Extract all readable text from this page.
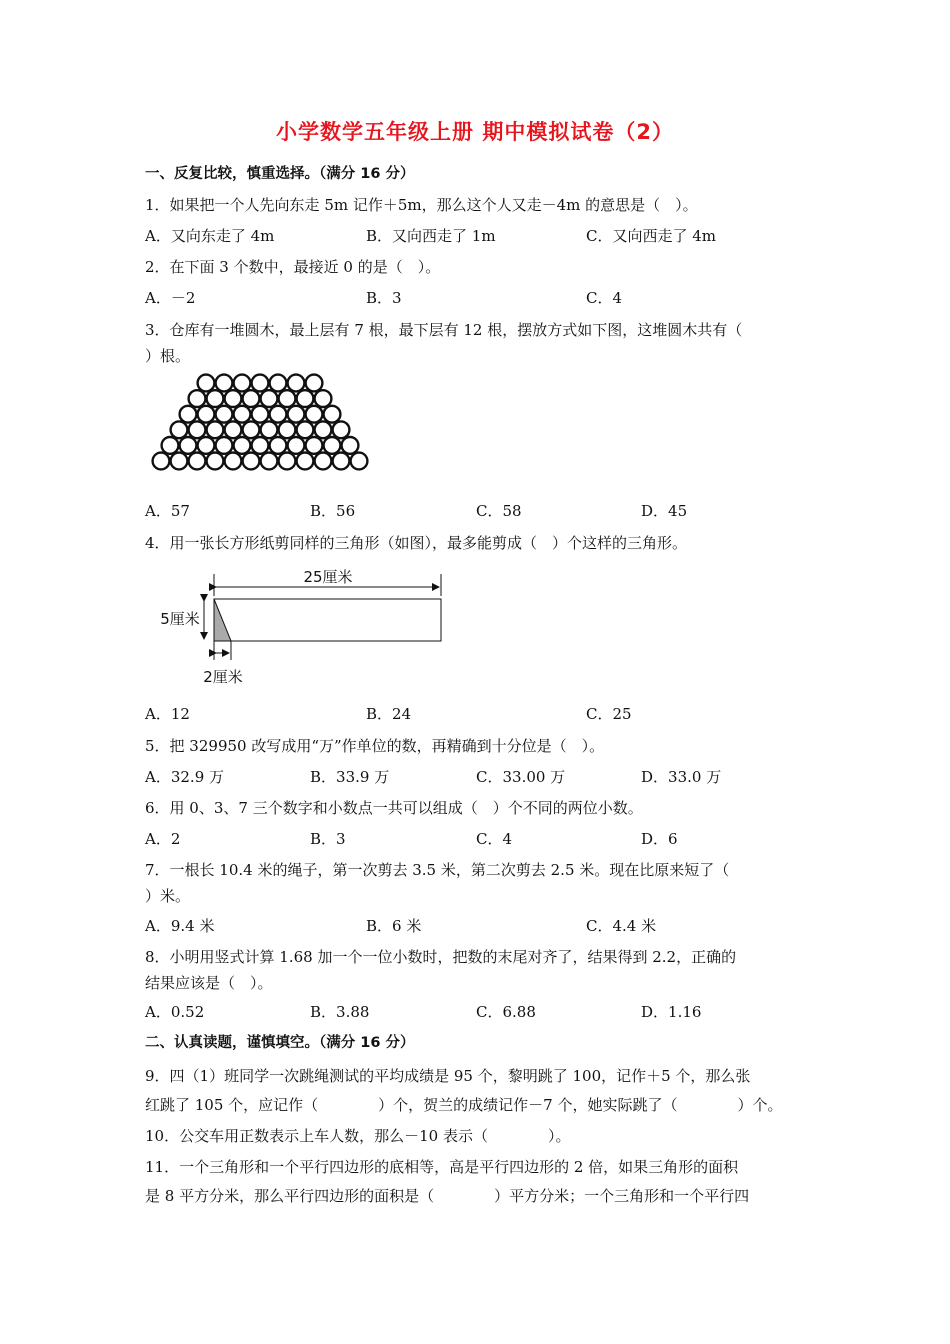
小学数学五年级上册 期中模拟试卷（2）
一、反复比较，慎重选择。（满分 16 分）
1．如果把一个人先向东走 5m 记作＋5m，那么这个人又走－4m 的意思是（　）。
A．又向东走了 4m	B．又向西走了 1m	C．又向西走了 4m
2．在下面 3 个数中，最接近 0 的是（　）。
A．－2	B．3	C．4
3．仓库有一堆圆木，最上层有 7 根，最下层有 12 根，摆放方式如下图，这堆圆木共有（
）根。
A．57	B．56	C．58	D．45
4．用一张长方形纸剪同样的三角形（如图），最多能剪成（　）个这样的三角形。
25厘米
5厘米
2厘米
A．12	B．24	C．25
5．把 329950 改写成用“万”作单位的数，再精确到十分位是（　）。
A．32.9 万	B．33.9 万	C．33.00 万	D．33.0 万
6．用 0、3、7 三个数字和小数点一共可以组成（　）个不同的两位小数。
A．2	B．3	C．4	D．6
7．一根长 10.4 米的绳子，第一次剪去 3.5 米，第二次剪去 2.5 米。现在比原来短了（
）米。
A．9.4 米	B．6 米	C．4.4 米
8．小明用竖式计算 1.68 加一个一位小数时，把数的末尾对齐了，结果得到 2.2，正确的
结果应该是（　）。
A．0.52	B．3.88	C．6.88	D．1.16
二、认真读题，谨慎填空。（满分 16 分）
9．四（1）班同学一次跳绳测试的平均成绩是 95 个，黎明跳了 100，记作＋5 个，那么张
红跳了 105 个，应记作（　　　　）个，贺兰的成绩记作－7 个，她实际跳了（　　　　）个。
10．公交车用正数表示上车人数，那么－10 表示（　　　　）。
11．一个三角形和一个平行四边形的底相等，高是平行四边形的 2 倍，如果三角形的面积
是 8 平方分米，那么平行四边形的面积是（　　　　）平方分米；一个三角形和一个平行四
